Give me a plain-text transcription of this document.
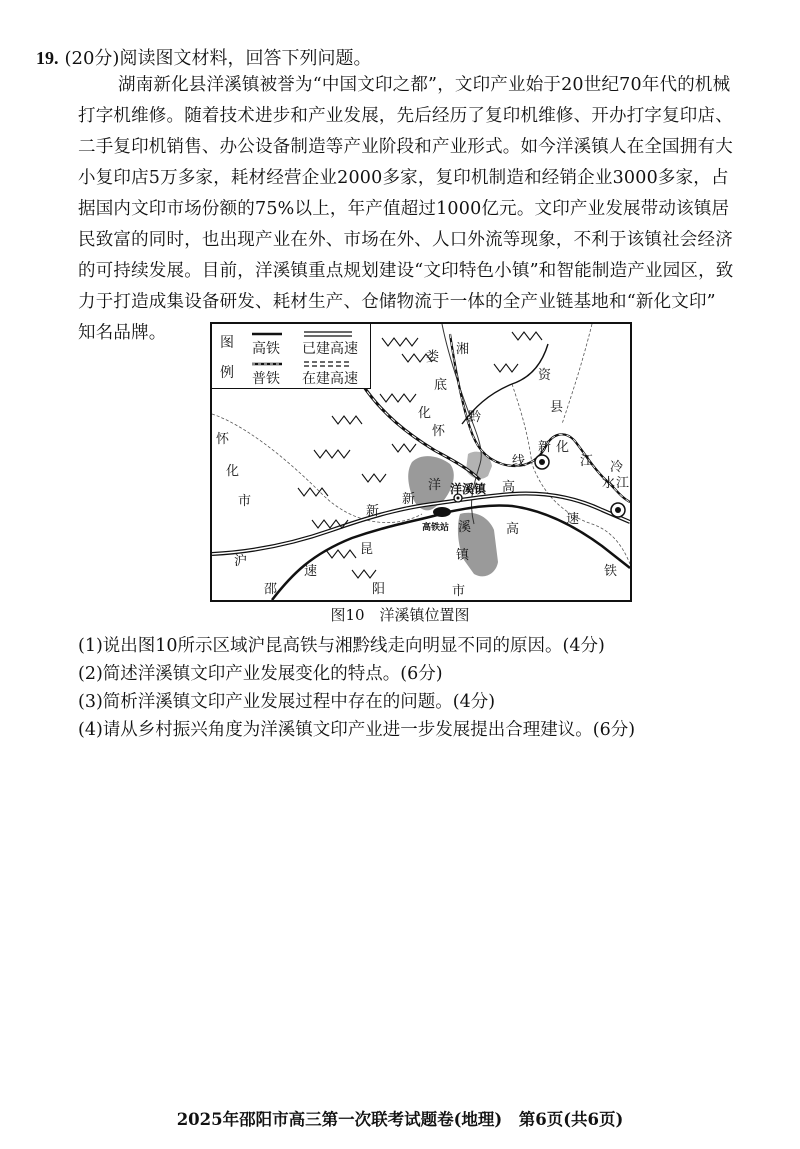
19. (20分)阅读图文材料，回答下列问题。
湖南新化县洋溪镇被誉为“中国文印之都”，文印产业始于20世纪70年代的机械
打字机维修。随着技术进步和产业发展，先后经历了复印机维修、开办打字复印店、
二手复印机销售、办公设备制造等产业阶段和产业形式。如今洋溪镇人在全国拥有大
小复印店5万多家，耗材经营企业2000多家，复印机制造和经销企业3000多家，占
据国内文印市场份额的75%以上，年产值超过1000亿元。文印产业发展带动该镇居
民致富的同时，也出现产业在外、市场在外、人口外流等现象，不利于该镇社会经济
的可持续发展。目前，洋溪镇重点规划建设“文印特色小镇”和智能制造产业园区，致
力于打造成集设备研发、耗材生产、仓储物流于一体的全产业链基地和“新化文印”
知名品牌。	图
例
高铁 已建高速
普铁 在建高速
娄
湘
底
黔
线
资
县
化
新 化
江 冷
水 江
怀
化
市
怀
新
新
洋
溪
镇
洋溪镇
高铁站
高
高
速
铁
沪
昆
邵	阳	市
速
图10　洋溪镇位置图
(1)说出图10所示区域沪昆高铁与湘黔线走向明显不同的原因。(4分)
(2)简述洋溪镇文印产业发展变化的特点。(6分)
(3)简析洋溪镇文印产业发展过程中存在的问题。(4分)
(4)请从乡村振兴角度为洋溪镇文印产业进一步发展提出合理建议。(6分)
2025年邵阳市高三第一次联考试题卷(地理)　第6页(共6页)
